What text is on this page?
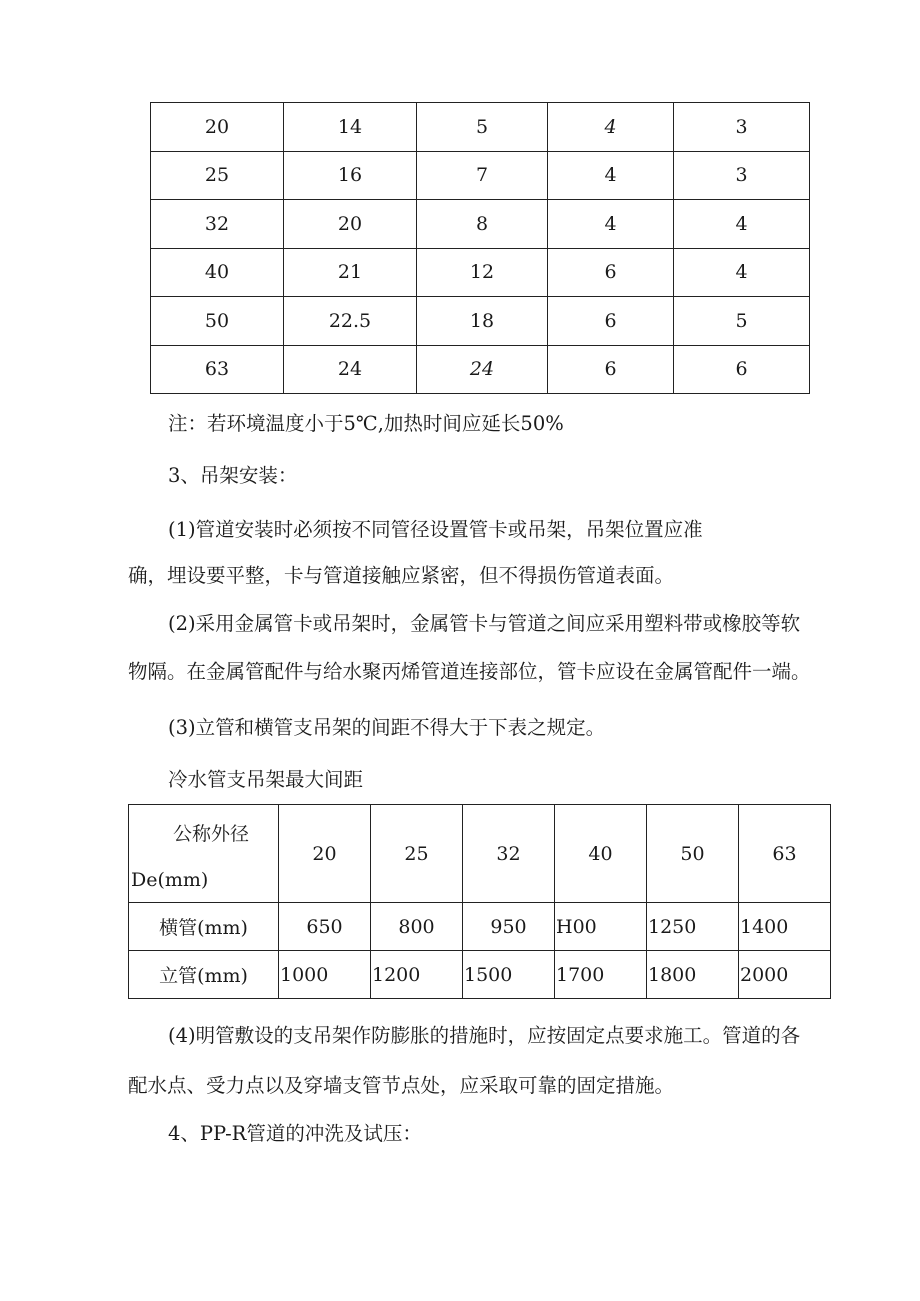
20	14	5	4	3
25	16	7	4	3
32	20	8	4	4
40	21	12	6	4
50	22.5	18	6	5
63	24	24	6	6
注：若环境温度小于5℃,加热时间应延长50%
3、吊架安装：
(1)管道安装时必须按不同管径设置管卡或吊架，吊架位置应准
确，埋设要平整，卡与管道接触应紧密，但不得损伤管道表面。
(2)采用金属管卡或吊架时，金属管卡与管道之间应采用塑料带或橡胶等软
物隔。在金属管配件与给水聚丙烯管道连接部位，管卡应设在金属管配件一端。
(3)立管和横管支吊架的间距不得大于下表之规定。
冷水管支吊架最大间距
公称外径
De(mm)	20	25	32	40	50	63
横管(mm)	650	800	950	H00	1250	1400
立管(mm)	1000	1200	1500	1700	1800	2000
(4)明管敷设的支吊架作防膨胀的措施时，应按固定点要求施工。管道的各
配水点、受力点以及穿墙支管节点处，应采取可靠的固定措施。
4、PP-R管道的冲洗及试压：
